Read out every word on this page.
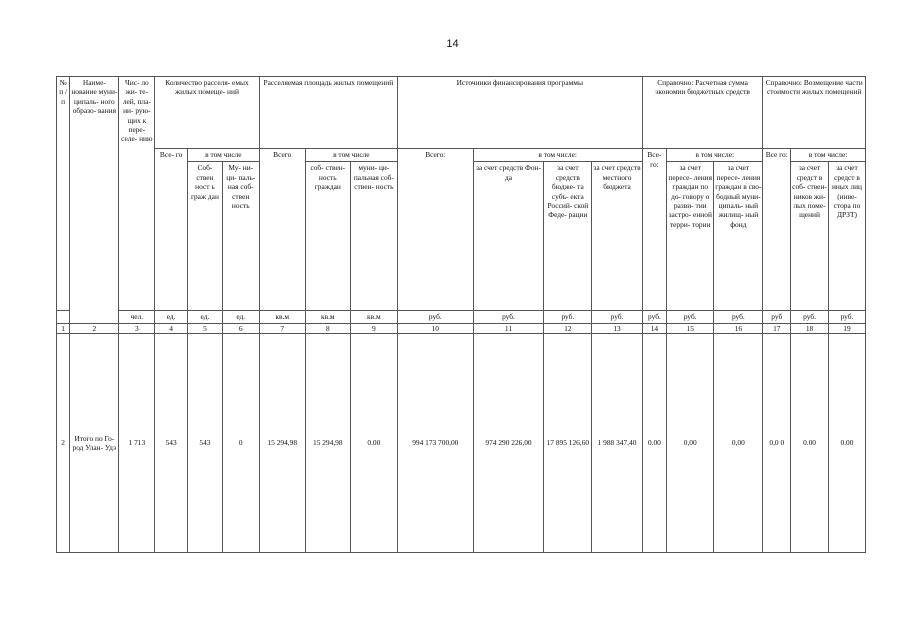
14
№ п / п	Наиме- нование муни- ципаль- ного образо- вания	Чис- ло жи- те- лей, пла- ни- рую- щих к пере- селе- нию	Количество расселя- емых жилых помеще- ний			Расселяемая площадь жилых помещений			Источники финансирования программы				Справочно: Расчетная сумма экономии бюджетных средств			Справочно: Возмещение части стоимости жилых помещений		
			Все- го	в том числе		Всего	в том числе		Всего:	в том числе:			Все- го:	в том числе:		Все го:	в том числе:	
				Соб- ствен ност ь граж дан	Му- ни- ци- паль- ная соб- ствен ность		соб- ствен- ность граждан	муни- ци- пальная соб- ствен- ность		за счет средств Фон- да	за счет средств бюдже- та субъ- екта Россий- ской Феде- рации	за счет средств местного бюджета		за счет пересе- ления граждан по до- говору о разви- тии застро- енной терри- тории	за счет пересе- ления граждан в сво- бодный муни- ципаль- ный жилищ- ный фонд		за счет средст в соб- ствен- ников жи- лых поме- щений	за счет средст в иных лиц (инве- стора по ДРЗТ)
		чел.	ед.	ед.	ед.	кв.м	кв.м	кв.м	руб.	руб.	руб.	руб.	руб.	руб.	руб.	руб	руб.	руб.
1	2	3	4	5	6	7	8	9	10	11	12	13	14	15	16	17	18	19
2	Итого по Го- род Улан- Удэ	1 713	543	543	0	15 294,98	15 294,98	0.00	994 173 700,00	974 290 226,00	17 895 126,60	1 988 347,40	0.00	0,00	0,00	0,0 0	0.00	0.00
